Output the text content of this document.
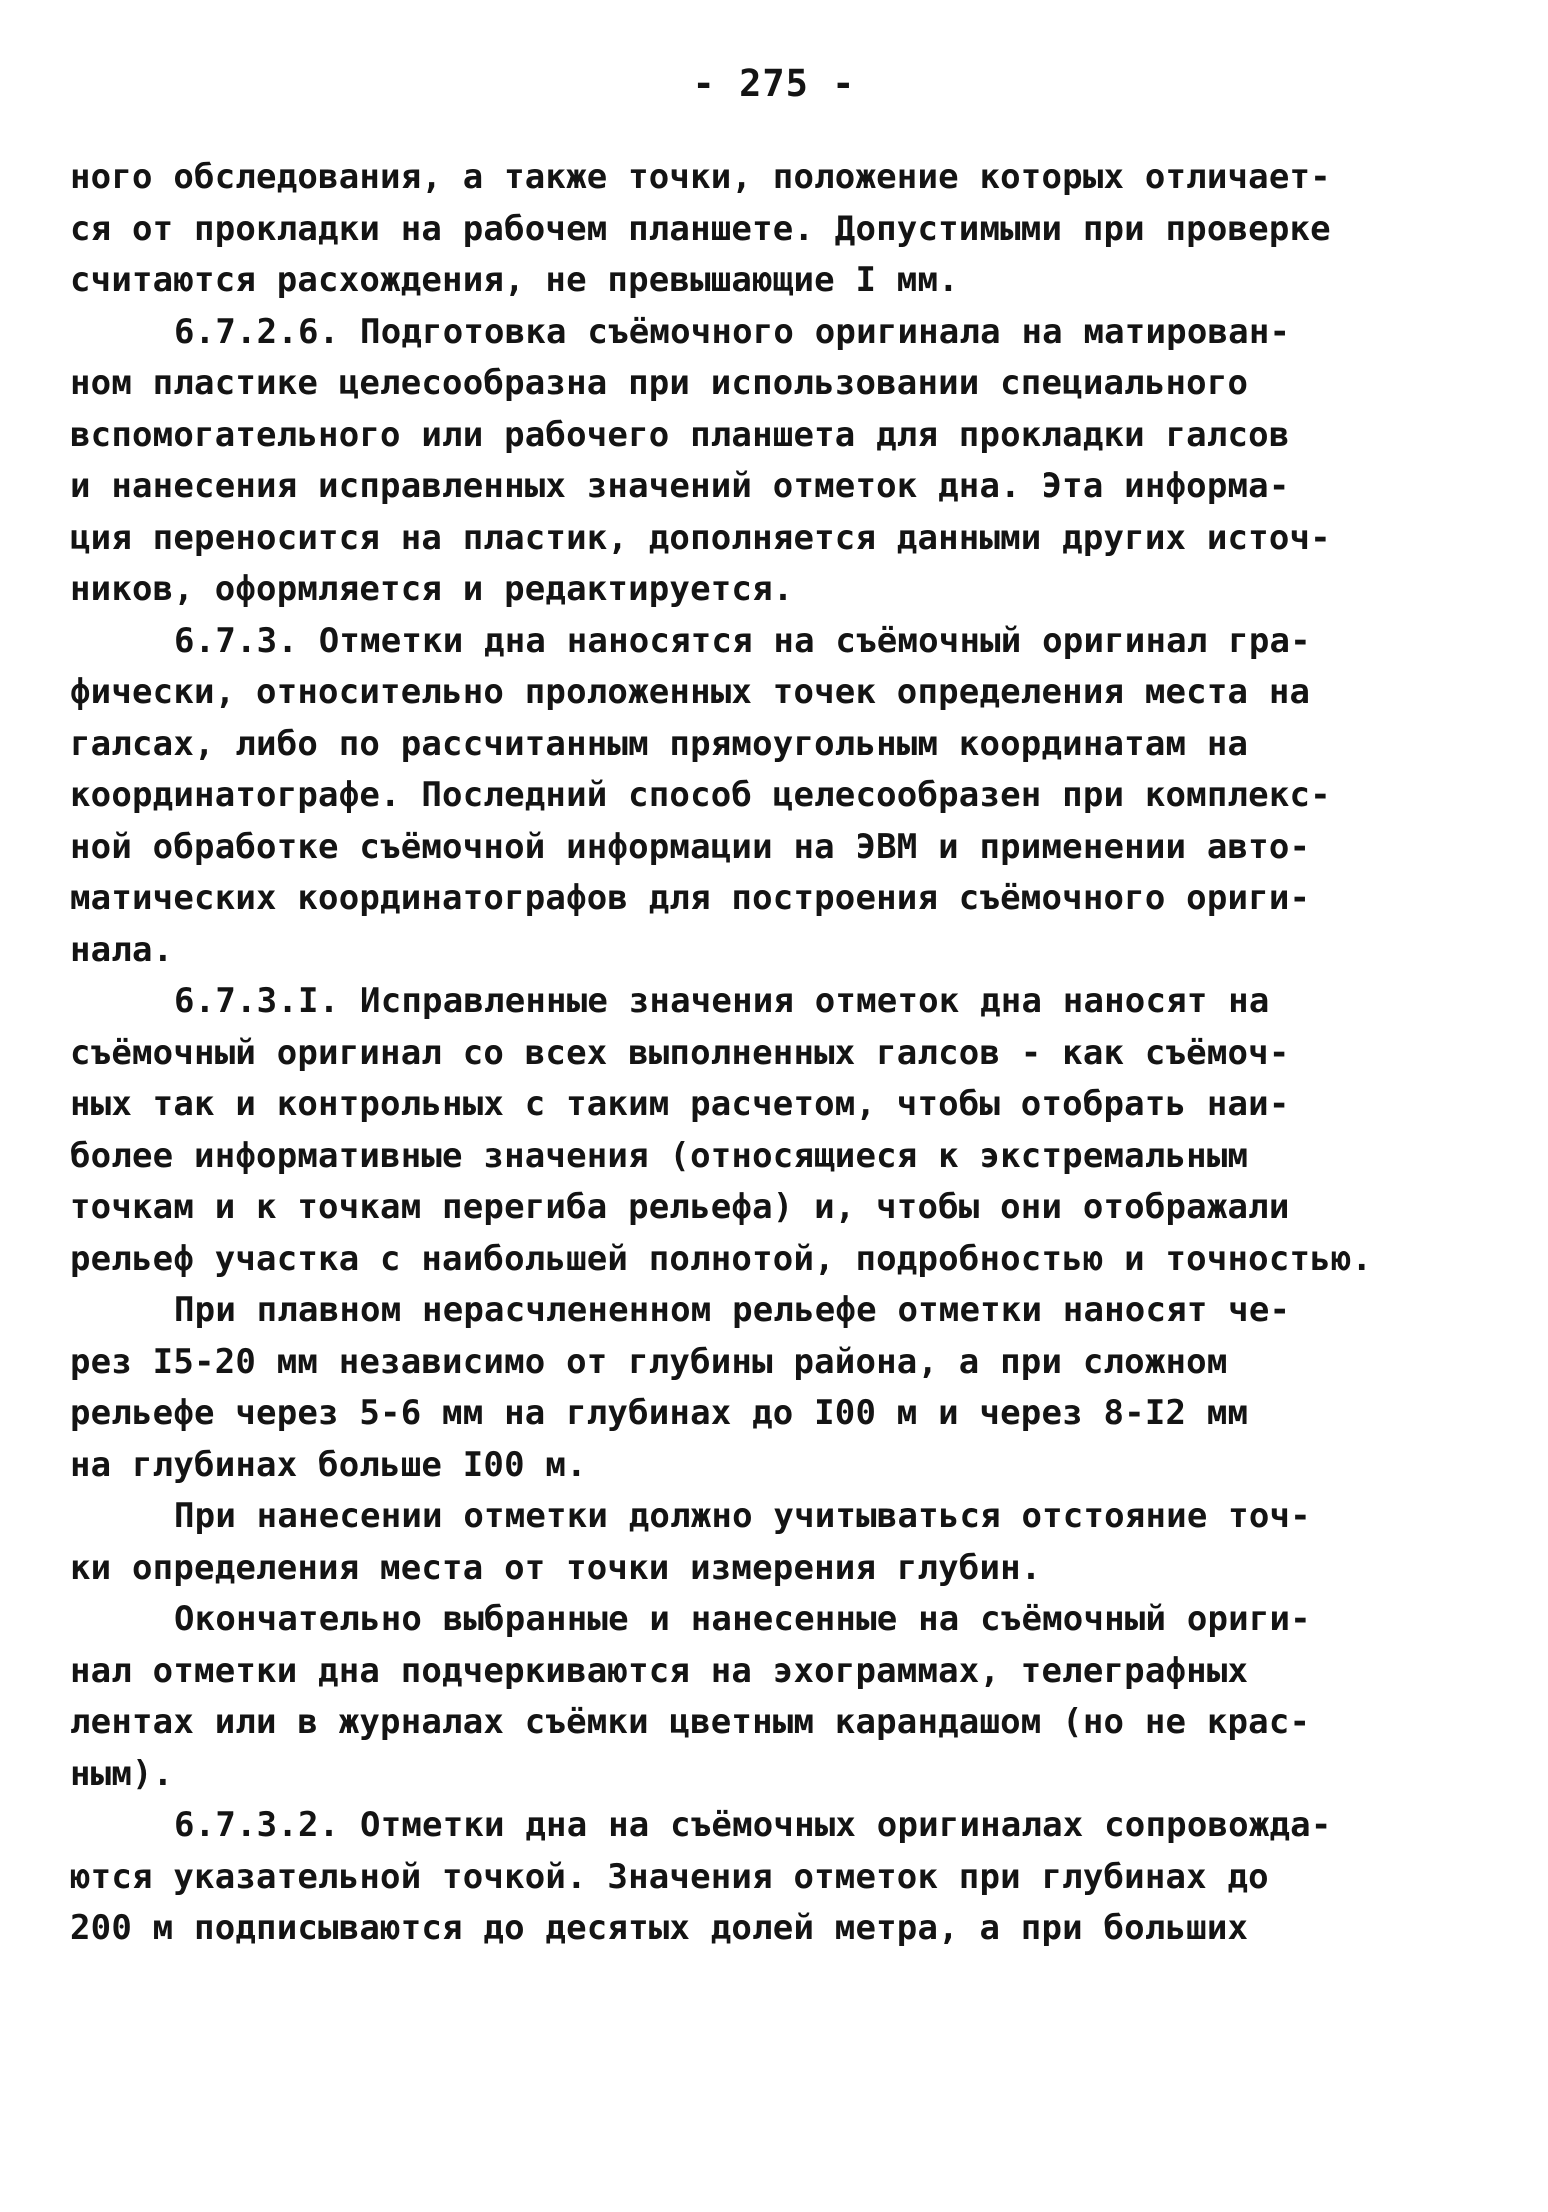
- 275 -
ного обследования, а также точки, положение которых отличает-
ся от прокладки на рабочем планшете. Допустимыми при проверке
считаются расхождения, не превышающие I мм.
6.7.2.6. Подготовка съёмочного оригинала на матирован-
ном пластике целесообразна при использовании специального
вспомогательного или рабочего планшета для прокладки галсов
и нанесения исправленных значений отметок дна. Эта информа-
ция переносится на пластик, дополняется данными других источ-
ников, оформляется и редактируется.
6.7.3. Отметки дна наносятся на съёмочный оригинал гра-
фически, относительно проложенных точек определения места на
галсах, либо по рассчитанным прямоугольным координатам на
координатографе. Последний способ целесообразен при комплекс-
ной обработке съёмочной информации на ЭВМ и применении авто-
матических координатографов для построения съёмочного ориги-
нала.
6.7.3.I. Исправленные значения отметок дна наносят на
съёмочный оригинал со всех выполненных галсов - как съёмоч-
ных так и контрольных с таким расчетом, чтобы отобрать наи-
более информативные значения (относящиеся к экстремальным
точкам и к точкам перегиба рельефа) и, чтобы они отображали
рельеф участка с наибольшей полнотой, подробностью и точностью.
При плавном нерасчлененном рельефе отметки наносят че-
рез I5-20 мм независимо от глубины района, а при сложном
рельефе через 5-6 мм на глубинах до I00 м и через 8-I2 мм
на глубинах больше I00 м.
При нанесении отметки должно учитываться отстояние точ-
ки определения места от точки измерения глубин.
Окончательно выбранные и нанесенные на съёмочный ориги-
нал отметки дна подчеркиваются на эхограммах, телеграфных
лентах или в журналах съёмки цветным карандашом (но не крас-
ным).
6.7.3.2. Отметки дна на съёмочных оригиналах сопровожда-
ются указательной точкой. Значения отметок при глубинах до
200 м подписываются до десятых долей метра, а при больших
